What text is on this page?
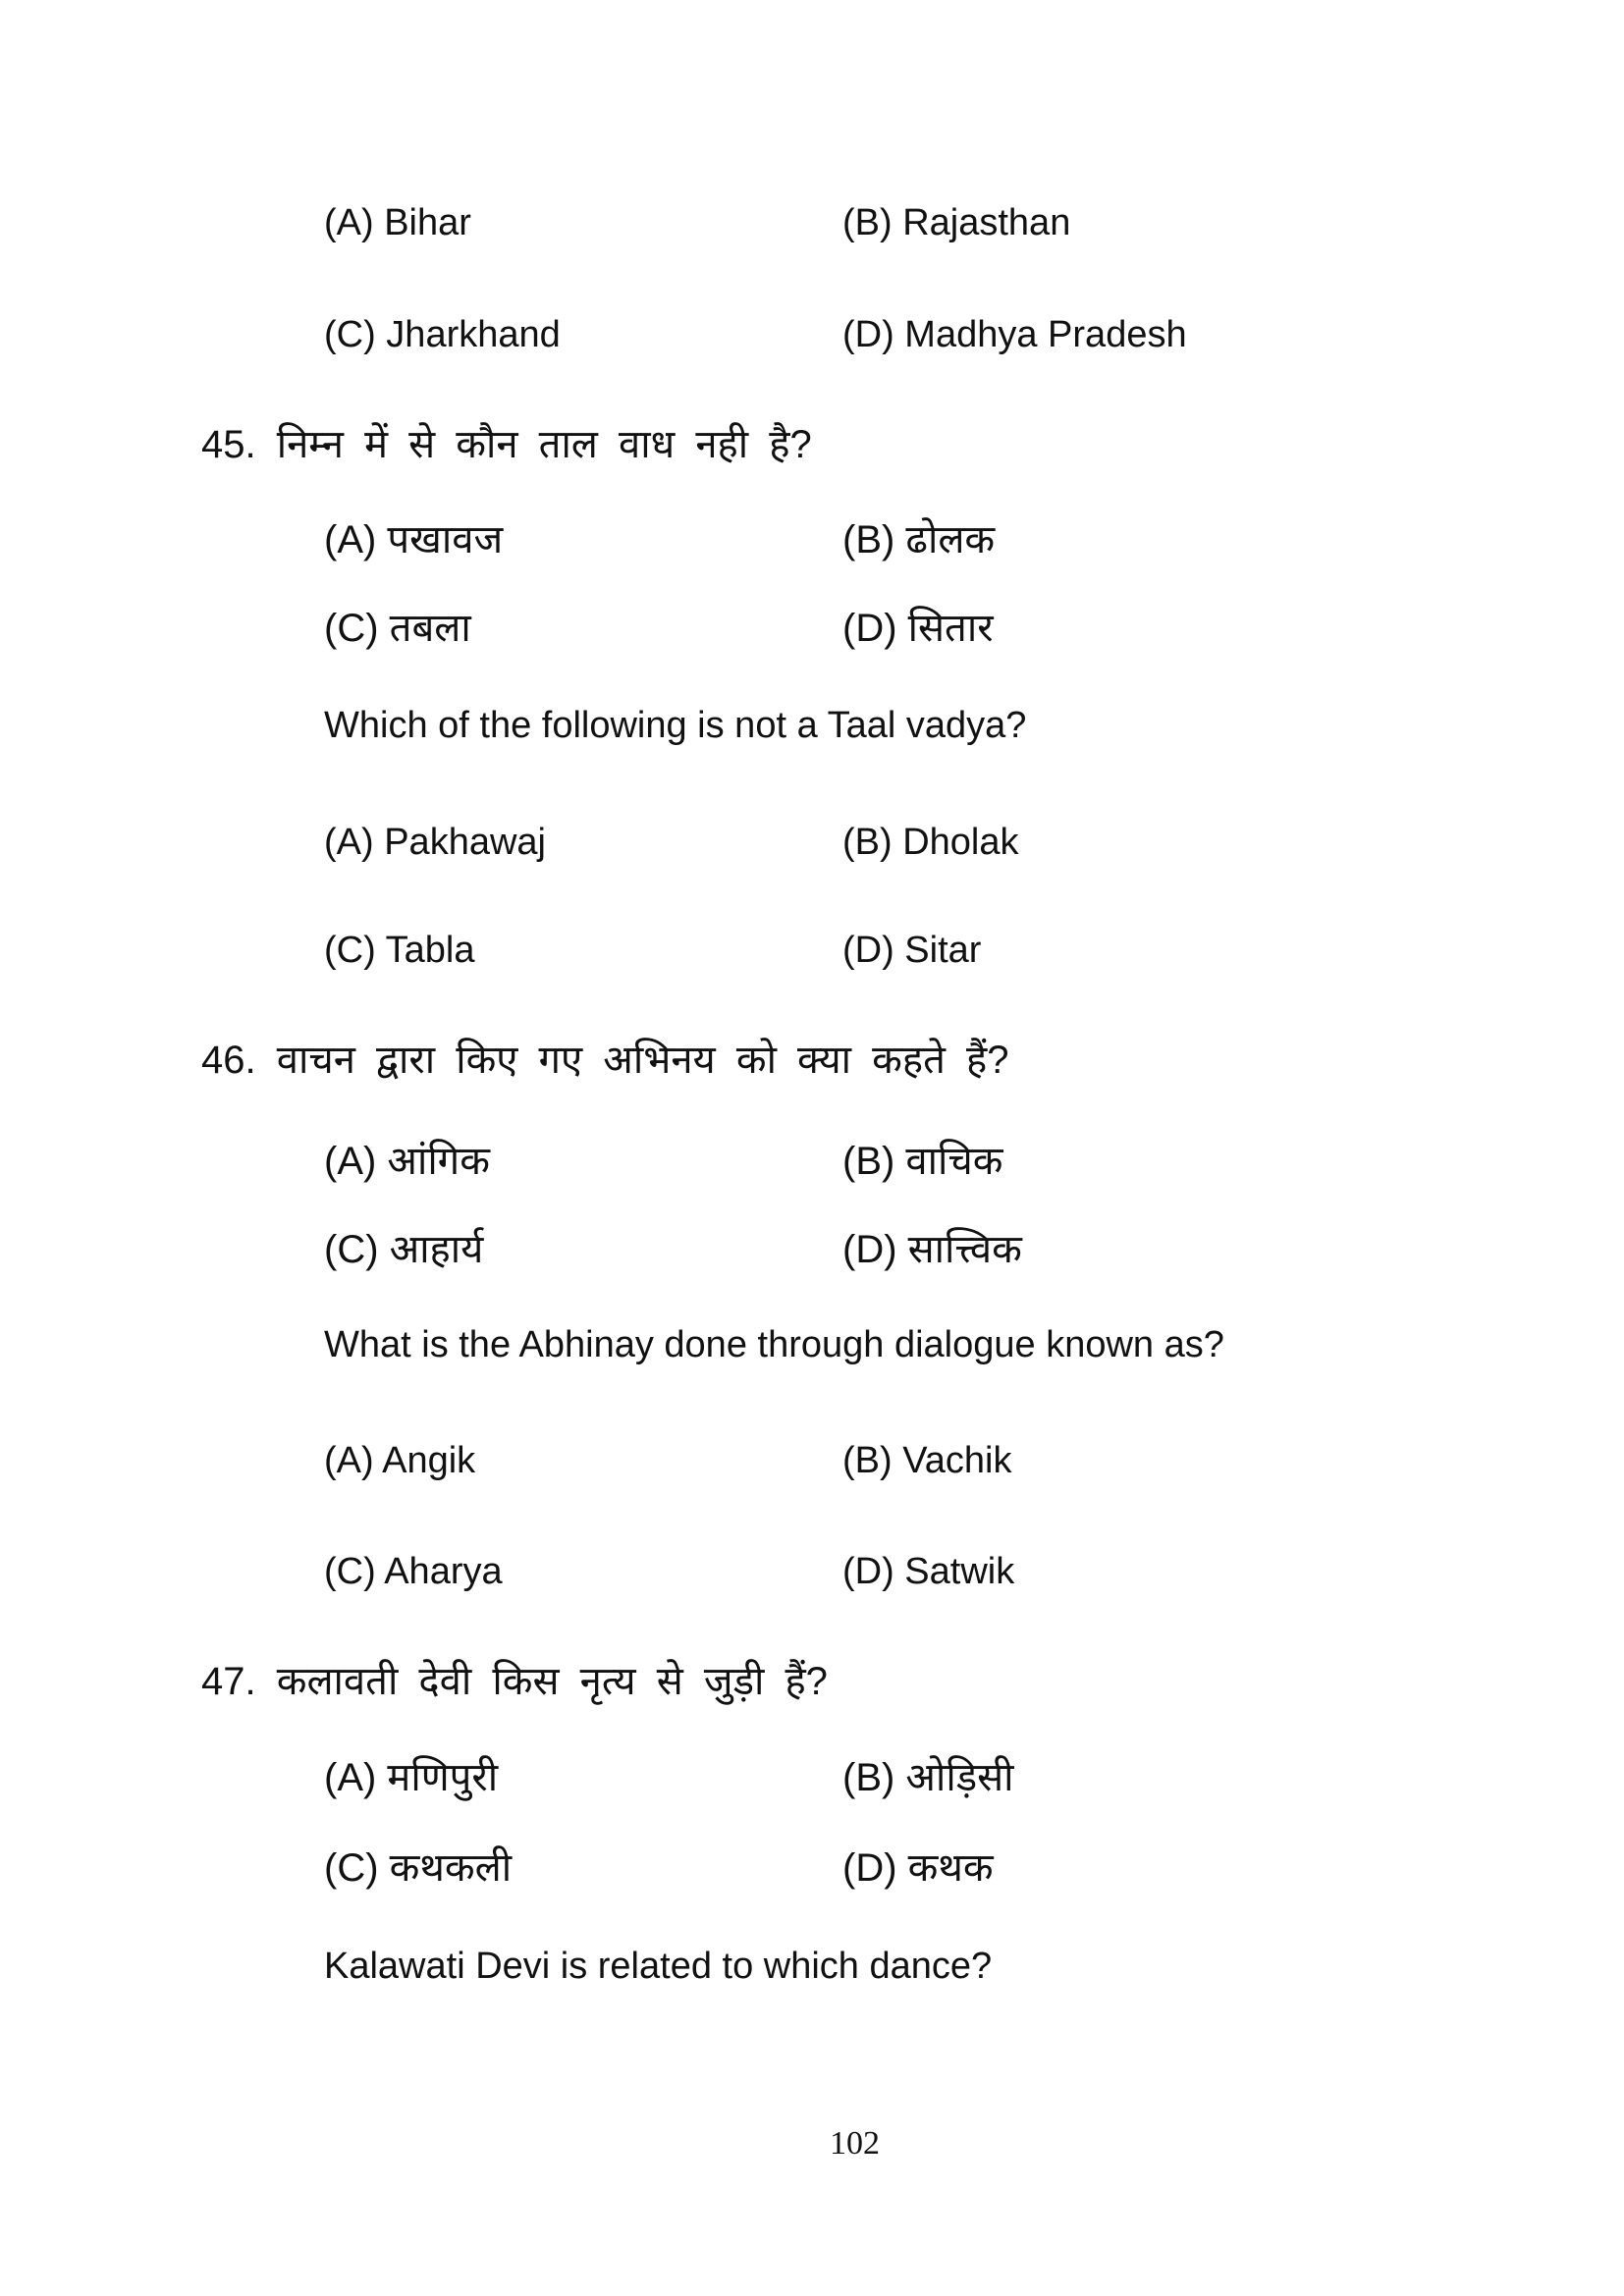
(A) Bihar	(B) Rajasthan
(C) Jharkhand	(D) Madhya Pradesh
45. निम्न में से कौन ताल वाध नही है?
(A) पखावज	(B) ढोलक
(C) तबला	(D) सितार
Which of the following is not a Taal vadya?
(A) Pakhawaj	(B) Dholak
(C) Tabla	(D) Sitar
46. वाचन द्वारा किए गए अभिनय को क्या कहते हैं?
(A) आंगिक	(B) वाचिक
(C) आहार्य	(D) सात्त्विक
What is the Abhinay done through dialogue known as?
(A) Angik	(B) Vachik
(C) Aharya	(D) Satwik
47. कलावती देवी किस नृत्य से जुड़ी हैं?
(A) मणिपुरी	(B) ओड़िसी
(C) कथकली	(D) कथक
Kalawati Devi is related to which dance?
102
